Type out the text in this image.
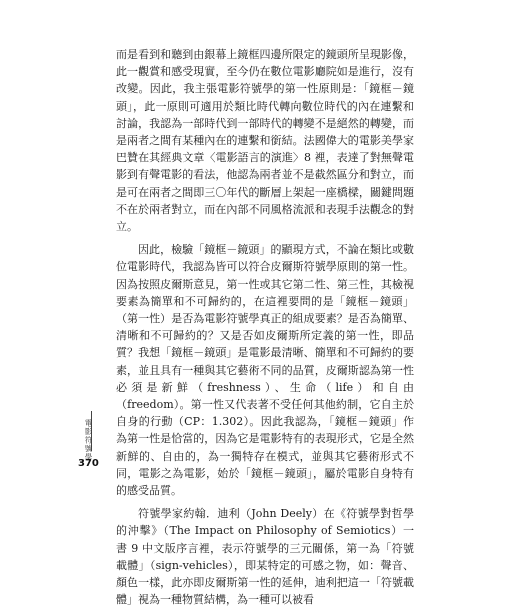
而是看到和聽到由銀幕上鏡框四邊所限定的鏡頭所呈現影像，此一觀賞和感受現實，至今仍在數位電影廳院如是進行，沒有改變。因此，我主張電影符號學的第一性原則是：「鏡框－鏡頭」，此一原則可適用於類比時代轉向數位時代的內在連繫和討論，我認為一部時代到一部時代的轉變不是絕然的轉變，而是兩者之間有某種內在的連繫和銜結。法國偉大的電影美學家巴贊在其經典文章〈電影語言的演進〉8 裡，表達了對無聲電影到有聲電影的看法，他認為兩者並不是截然區分和對立，而是可在兩者之間即三〇年代的斷層上架起一座橋樑，關鍵問題不在於兩者對立，而在內部不同風格流派和表現手法觀念的對立。

因此，檢驗「鏡框－鏡頭」的顯現方式，不論在類比或數位電影時代，我認為皆可以符合皮爾斯符號學原則的第一性。因為按照皮爾斯意見，第一性或其它第二性、第三性，其檢視要素為簡單和不可歸約的，在這裡要問的是「鏡框－鏡頭」（第一性）是否為電影符號學真正的組成要素？是否為簡單、清晰和不可歸約的？又是否如皮爾斯所定義的第一性，即品質？我想「鏡框－鏡頭」是電影最清晰、簡單和不可歸約的要素，並且具有一種與其它藝術不同的品質，皮爾斯認為第一性必須是新鮮（freshness）、生命（life）和自由（freedom）。第一性又代表著不受任何其他約制，它自主於自身的行動（CP：1.302）。因此我認為，「鏡框－鏡頭」作為第一性是恰當的，因為它是電影特有的表現形式，它是全然新鮮的、自由的，為一獨特存在模式，並與其它藝術形式不同，電影之為電影，始於「鏡框－鏡頭」，屬於電影自身特有的感受品質。

符號學家約翰．迪利（John Deely）在《符號學對哲學的沖擊》（The Impact on Philosophy of Semiotics）一書 9 中文版序言裡，表示符號學的三元關係，第一為「符號載體」（sign-vehicles），即某特定的可感之物，如：聲音、顏色一樣，此亦即皮爾斯第一性的延伸，迪利把這一「符號載體」視為一種物質結構，為一種可以被看

電影符號學
370
